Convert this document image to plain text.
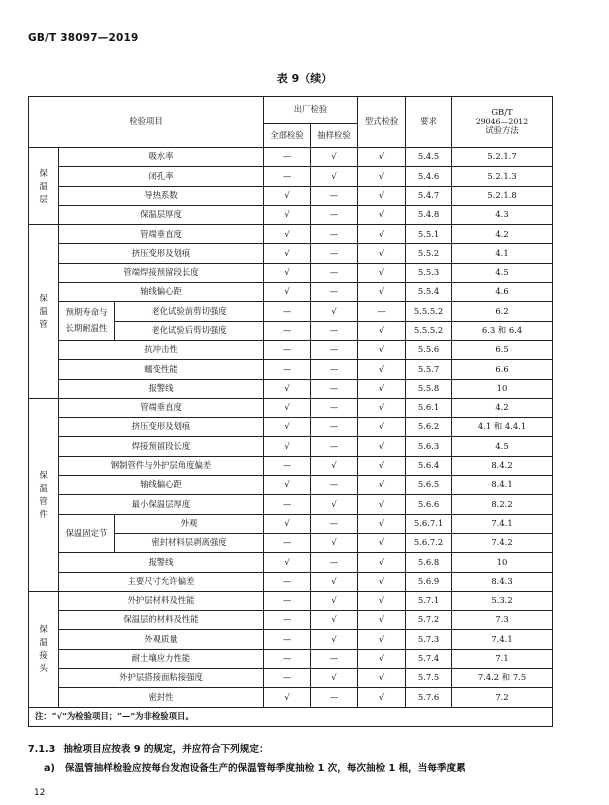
GB/T 38097—2019
表 9（续）
检验项目			出厂检验		型式检验	要求	GB/T
29046—2012
试验方法

			全部检验	抽样检验			
保
温
层	吸水率		—	√	√	5.4.5	5.2.1.7
	闭孔率		—	√	√	5.4.6	5.2.1.3
	导热系数		√	—	√	5.4.7	5.2.1.8
	保温层厚度		√	—	√	5.4.8	4.3
保
温
管	管端垂直度		√	—	√	5.5.1	4.2
	挤压变形及划痕		√	—	√	5.5.2	4.1
	管端焊接预留段长度		√	—	√	5.5.3	4.5
	轴线偏心距		√	—	√	5.5.4	4.6
	预期寿命与
长期耐温性	老化试验前剪切强度	—	√	—	5.5.5.2	6.2
		老化试验后剪切强度	—	—	√	5.5.5.2	6.3 和 6.4
	抗冲击性		—	—	√	5.5.6	6.5
	蠕变性能		—	—	√	5.5.7	6.6
	报警线		√	—	√	5.5.8	10
保
温
管
件	管端垂直度		√	—	√	5.6.1	4.2
	挤压变形及划痕		√	—	√	5.6.2	4.1 和 4.4.1
	焊接预留段长度		√	—	√	5.6.3	4.5
	钢制管件与外护层角度偏差		—	√	√	5.6.4	8.4.2
	轴线偏心距		√	—	√	5.6.5	8.4.1
	最小保温层厚度		—	√	√	5.6.6	8.2.2
	保温固定节	外观	√	—	√	5.6.7.1	7.4.1
		密封材料层剥离强度	—	√	√	5.6.7.2	7.4.2
	报警线		√	—	√	5.6.8	10
	主要尺寸允许偏差		—	√	√	5.6.9	8.4.3
保
温
接
头	外护层材料及性能		—	√	√	5.7.1	5.3.2
	保温层的材料及性能		—	√	√	5.7.2	7.3
	外观质量		—	√	√	5.7.3	7.4.1
	耐土壤应力性能		—	—	√	5.7.4	7.1
	外护层搭接面粘接强度		—	√	√	5.7.5	7.4.2 和 7.5
	密封性		√	—	√	5.7.6	7.2
注：“√”为检验项目；“—”为非检验项目。							
7.1.3 抽检项目应按表 9 的规定，并应符合下列规定：
a) 保温管抽样检验应按每台发泡设备生产的保温管每季度抽检 1 次，每次抽检 1 根，当每季度累
12
